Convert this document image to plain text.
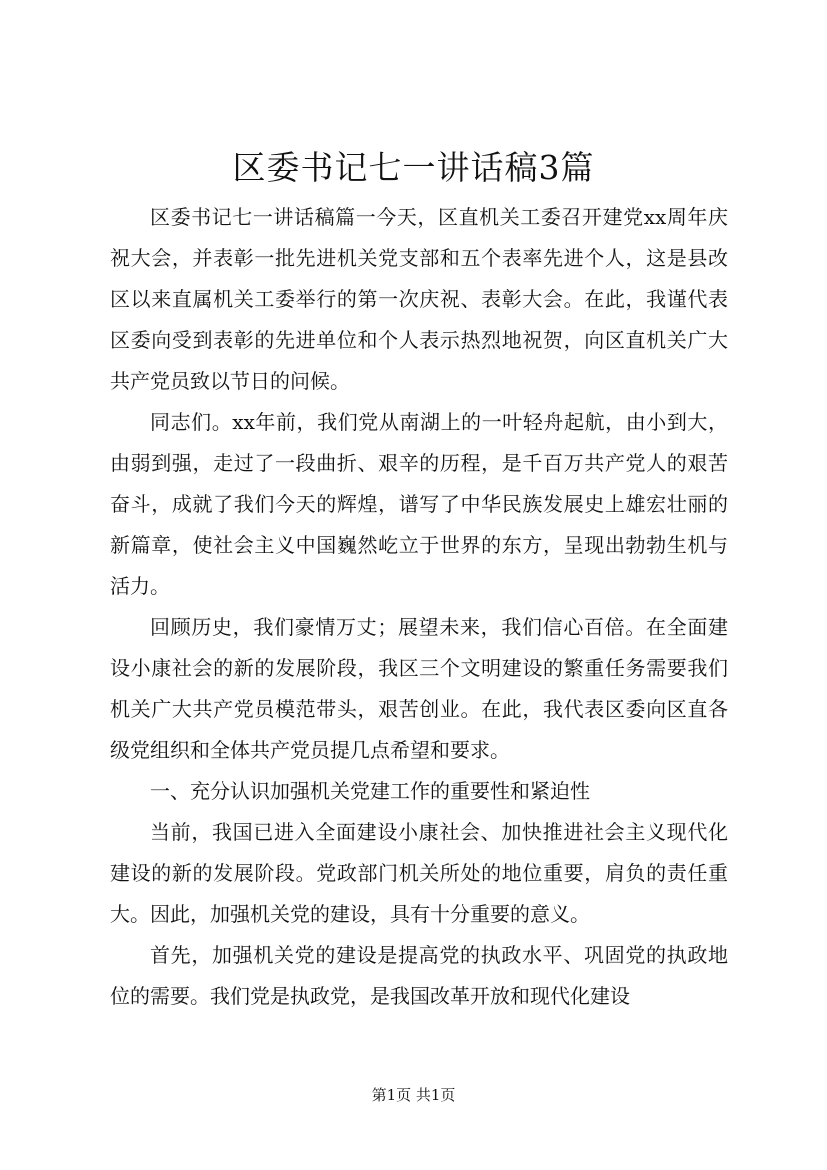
区委书记七一讲话稿3篇

区委书记七一讲话稿篇一今天，区直机关工委召开建党xx周年庆祝大会，并表彰一批先进机关党支部和五个表率先进个人，这是县改区以来直属机关工委举行的第一次庆祝、表彰大会。在此，我谨代表区委向受到表彰的先进单位和个人表示热烈地祝贺，向区直机关广大共产党员致以节日的问候。

同志们。xx年前，我们党从南湖上的一叶轻舟起航，由小到大，由弱到强，走过了一段曲折、艰辛的历程，是千百万共产党人的艰苦奋斗，成就了我们今天的辉煌，谱写了中华民族发展史上雄宏壮丽的新篇章，使社会主义中国巍然屹立于世界的东方，呈现出勃勃生机与活力。

回顾历史，我们豪情万丈；展望未来，我们信心百倍。在全面建设小康社会的新的发展阶段，我区三个文明建设的繁重任务需要我们机关广大共产党员模范带头，艰苦创业。在此，我代表区委向区直各级党组织和全体共产党员提几点希望和要求。

一、充分认识加强机关党建工作的重要性和紧迫性

当前，我国已进入全面建设小康社会、加快推进社会主义现代化建设的新的发展阶段。党政部门机关所处的地位重要，肩负的责任重大。因此，加强机关党的建设，具有十分重要的意义。

首先，加强机关党的建设是提高党的执政水平、巩固党的执政地位的需要。我们党是执政党，是我国改革开放和现代化建设

第1页 共1页
